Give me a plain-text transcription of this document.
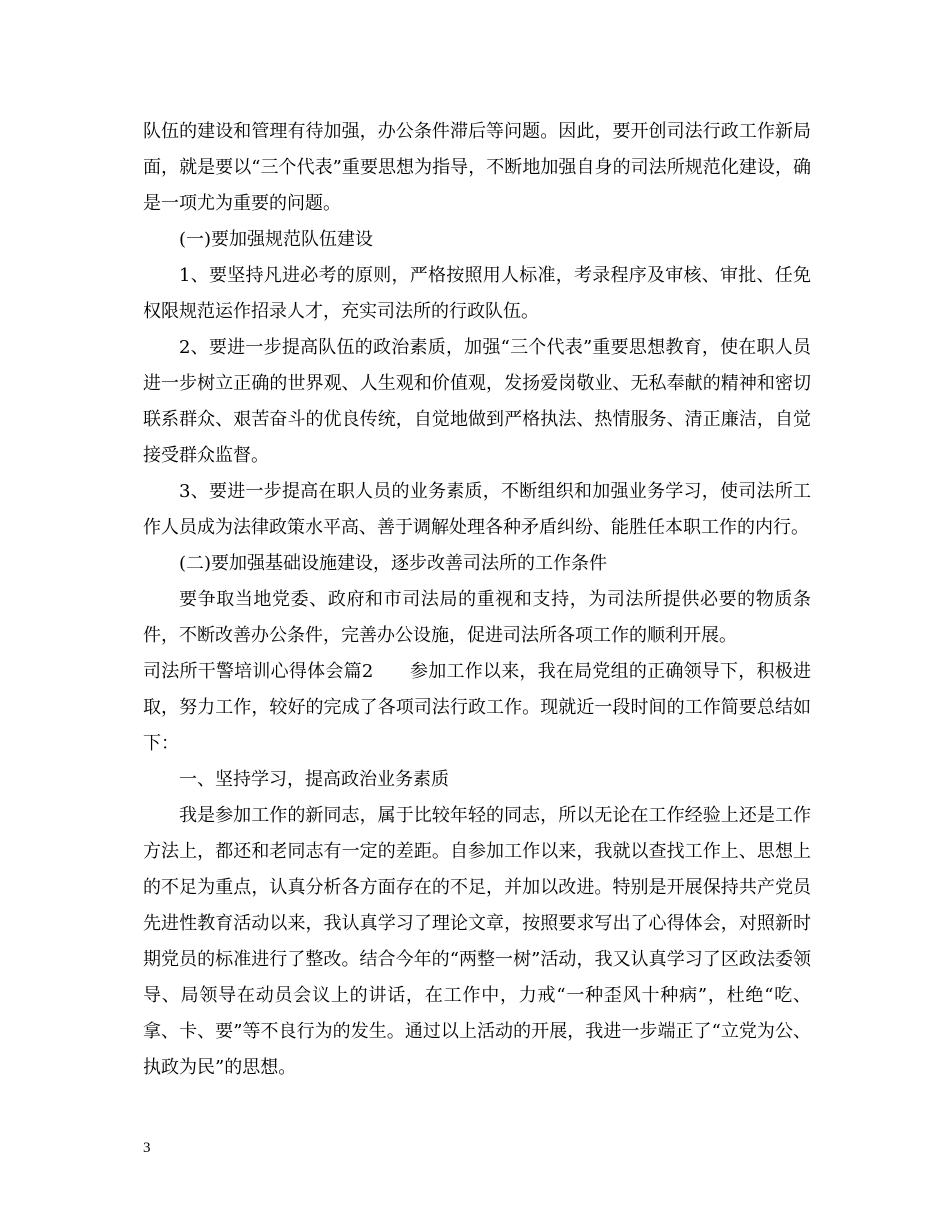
队伍的建设和管理有待加强，办公条件滞后等问题。因此，要开创司法行政工作新局面，就是要以“三个代表”重要思想为指导，不断地加强自身的司法所规范化建设，确是一项尤为重要的问题。

(一)要加强规范队伍建设

1、要坚持凡进必考的原则，严格按照用人标准，考录程序及审核、审批、任免权限规范运作招录人才，充实司法所的行政队伍。

2、要进一步提高队伍的政治素质，加强“三个代表”重要思想教育，使在职人员进一步树立正确的世界观、人生观和价值观，发扬爱岗敬业、无私奉献的精神和密切联系群众、艰苦奋斗的优良传统，自觉地做到严格执法、热情服务、清正廉洁，自觉接受群众监督。

3、要进一步提高在职人员的业务素质，不断组织和加强业务学习，使司法所工作人员成为法律政策水平高、善于调解处理各种矛盾纠纷、能胜任本职工作的内行。

(二)要加强基础设施建设，逐步改善司法所的工作条件

要争取当地党委、政府和市司法局的重视和支持，为司法所提供必要的物质条件，不断改善办公条件，完善办公设施，促进司法所各项工作的顺利开展。

司法所干警培训心得体会篇2　　参加工作以来，我在局党组的正确领导下，积极进取，努力工作，较好的完成了各项司法行政工作。现就近一段时间的工作简要总结如下：

一、坚持学习，提高政治业务素质

我是参加工作的新同志，属于比较年轻的同志，所以无论在工作经验上还是工作方法上，都还和老同志有一定的差距。自参加工作以来，我就以查找工作上、思想上的不足为重点，认真分析各方面存在的不足，并加以改进。特别是开展保持共产党员先进性教育活动以来，我认真学习了理论文章，按照要求写出了心得体会，对照新时期党员的标准进行了整改。结合今年的“两整一树”活动，我又认真学习了区政法委领导、局领导在动员会议上的讲话，在工作中，力戒“一种歪风十种病”，杜绝“吃、拿、卡、要”等不良行为的发生。通过以上活动的开展，我进一步端正了“立党为公、执政为民”的思想。

3
